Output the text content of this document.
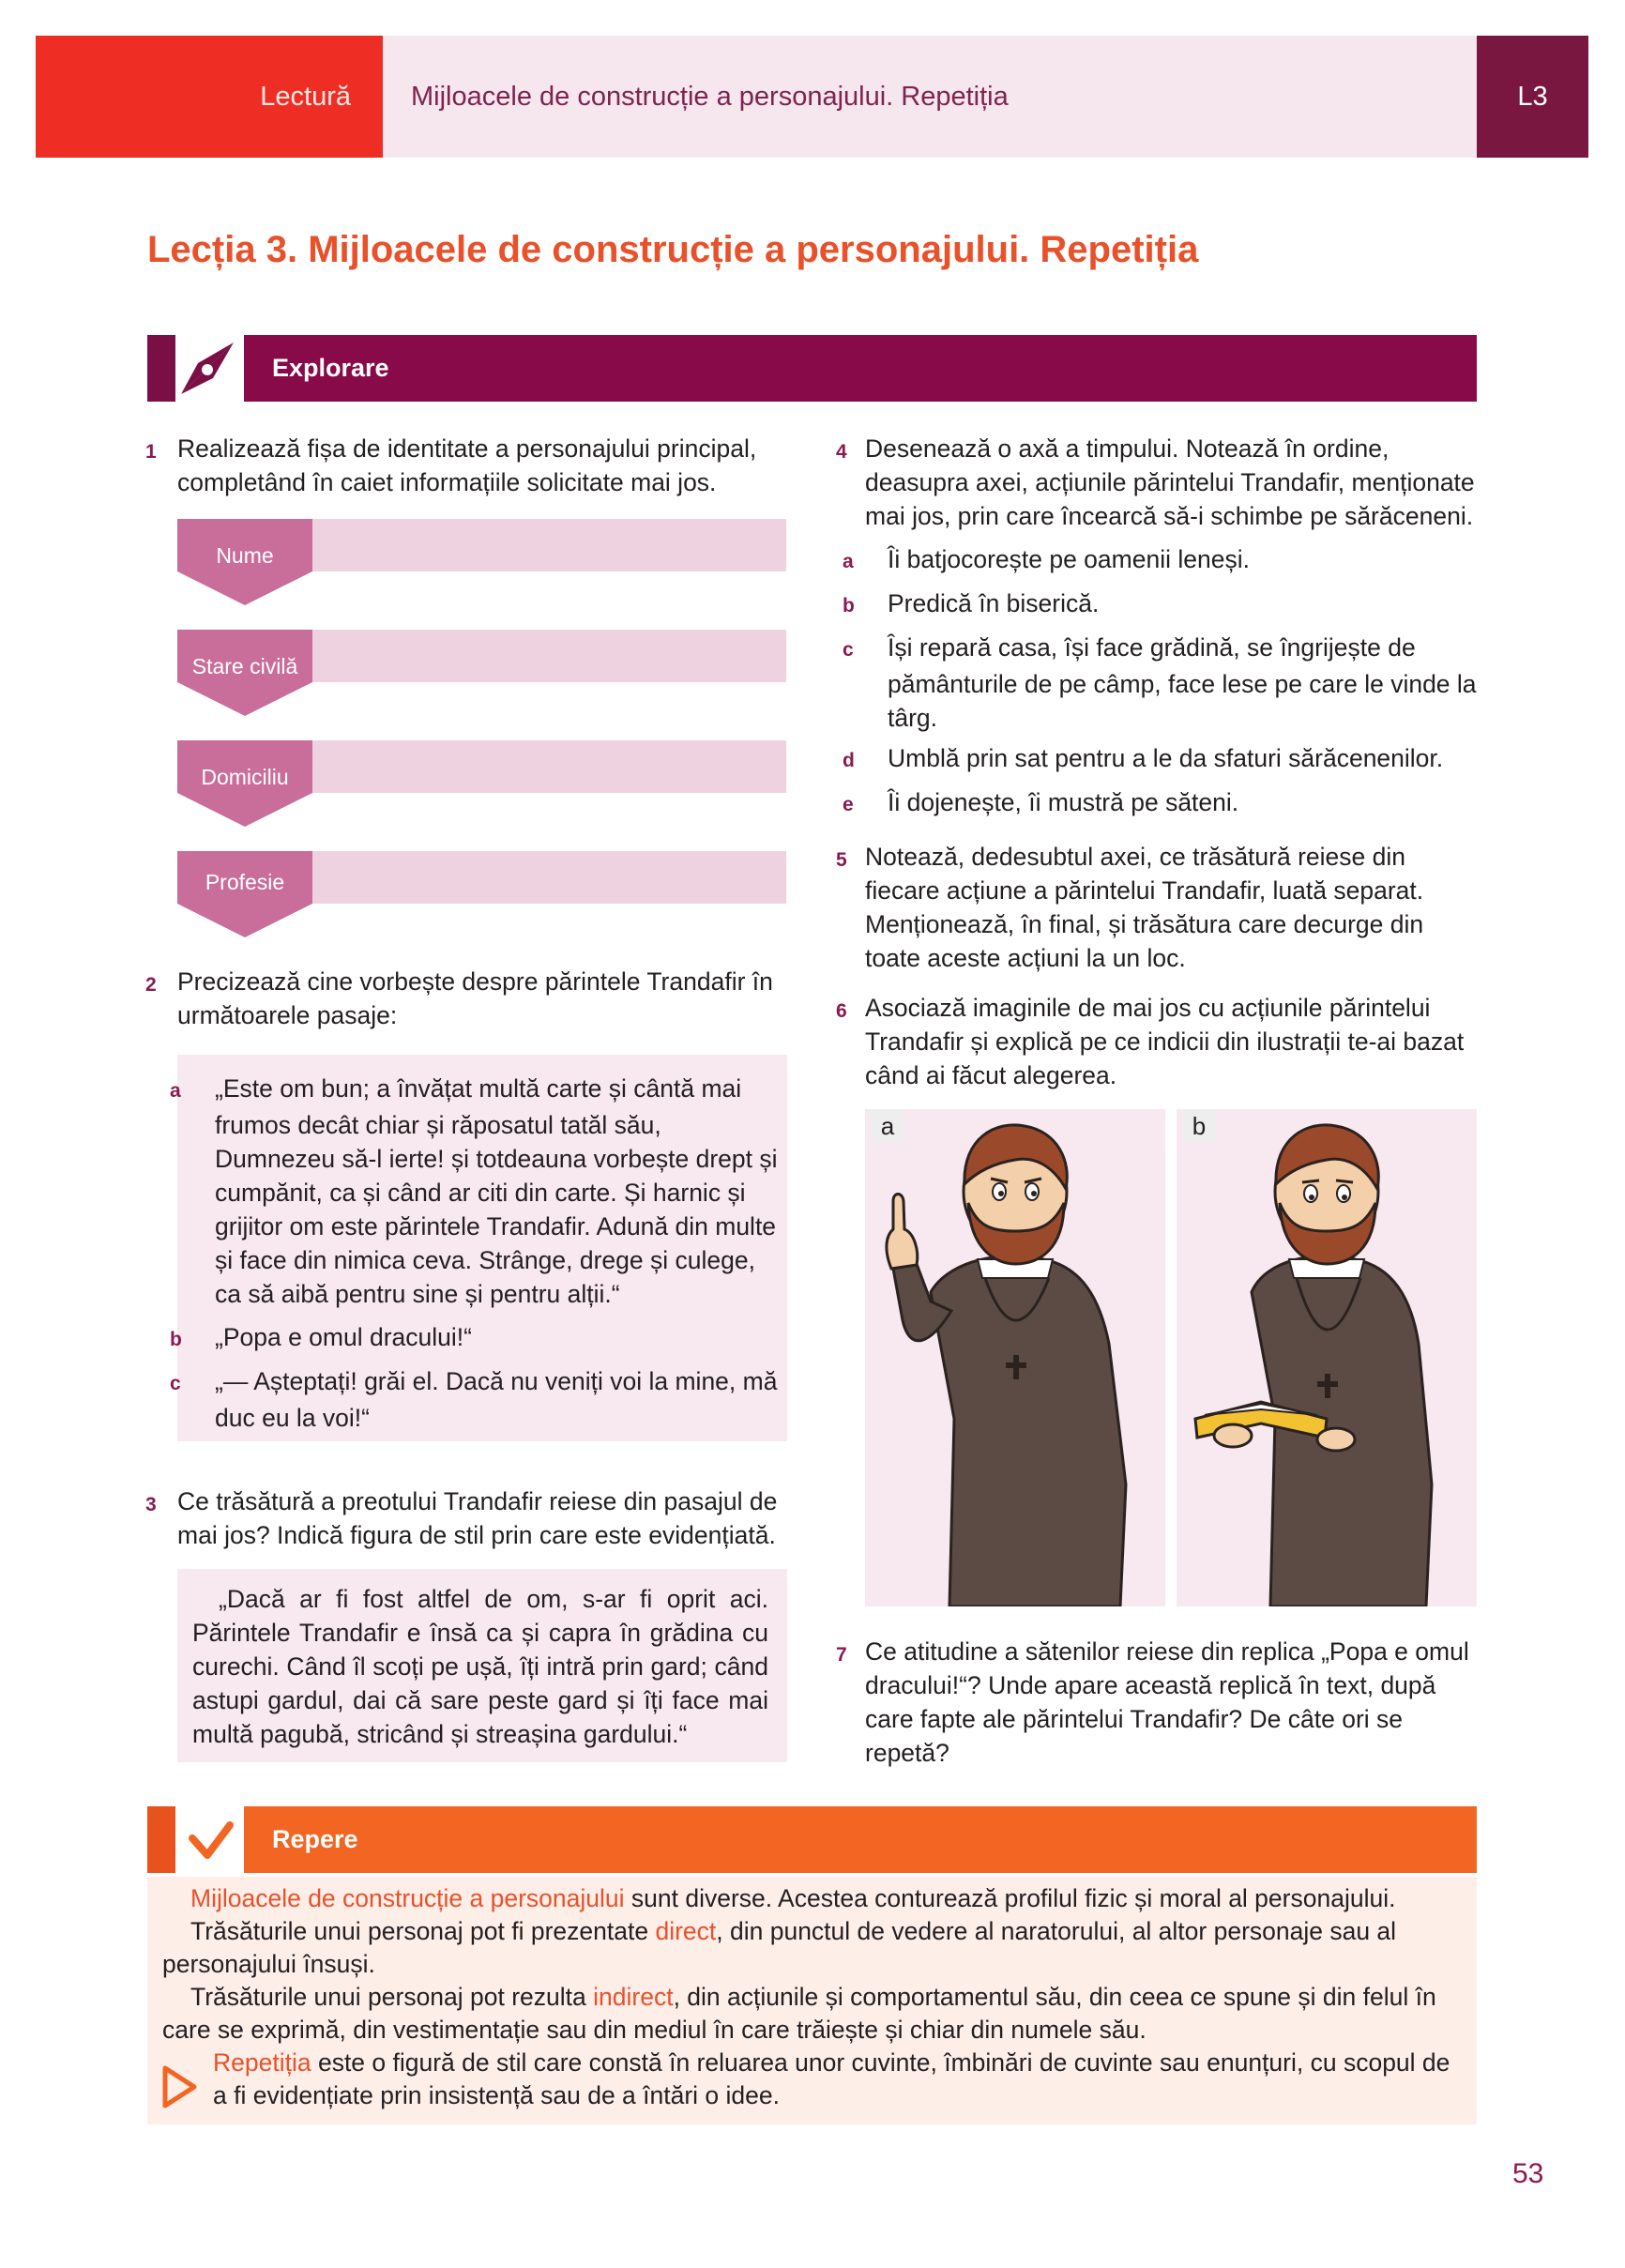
Lectură Mijloacele de construcție a personajului. Repetiția	L3
Lecția 3. Mijloacele de construcție a personajului. Repetiția
Explorare
1 Realizează fișa de identitate a personajului principal, completând în caiet informațiile solicitate mai jos.
Nume
Stare civilă
Domiciliu
Profesie
2 Precizează cine vorbește despre părintele Trandafir în următoarele pasaje:
a „Este om bun; a învățat multă carte și cântă mai frumos decât chiar și răposatul tatăl său, Dumnezeu să-l ierte! și totdeauna vorbește drept și cumpănit, ca și când ar citi din carte. Și harnic și grijitor om este părintele Trandafir. Adună din multe și face din nimica ceva. Strânge, drege și culege, ca să aibă pentru sine și pentru alții.“
b „Popa e omul dracului!“
c „— Așteptați! grăi el. Dacă nu veniți voi la mine, mă duc eu la voi!“
3 Ce trăsătură a preotului Trandafir reiese din pasajul de mai jos? Indică figura de stil prin care este evidențiată.
„Dacă ar fi fost altfel de om, s-ar fi oprit aci. Părintele Trandafir e însă ca și capra în grădina cu curechi. Când îl scoți pe ușă, îți intră prin gard; când astupi gardul, dai că sare peste gard și îți face mai multă pagubă, stricând și streașina gardului.“
4 Desenează o axă a timpului. Notează în ordine, deasupra axei, acțiunile părintelui Trandafir, menționate mai jos, prin care încearcă să-i schimbe pe sărăceneni.
a Îi batjocorește pe oamenii leneși.
b Predică în biserică.
c Își repară casa, își face grădină, se îngrijește de pământurile de pe câmp, face lese pe care le vinde la târg.
d Umblă prin sat pentru a le da sfaturi sărăcenenilor.
e Îi dojenește, îi mustră pe săteni.
5 Notează, dedesubtul axei, ce trăsătură reiese din fiecare acțiune a părintelui Trandafir, luată separat. Menționează, în final, și trăsătura care decurge din toate aceste acțiuni la un loc.
6 Asociază imaginile de mai jos cu acțiunile părintelui Trandafir și explică pe ce indicii din ilustrații te-ai bazat când ai făcut alegerea.
a	b
7 Ce atitudine a sătenilor reiese din replica „Popa e omul dracului!“? Unde apare această replică în text, după care fapte ale părintelui Trandafir? De câte ori se repetă?
Repere
Mijloacele de construcție a personajului sunt diverse. Acestea conturează profilul fizic și moral al personajului.
Trăsăturile unui personaj pot fi prezentate direct, din punctul de vedere al naratorului, al altor personaje sau al personajului însuși.
Trăsăturile unui personaj pot rezulta indirect, din acțiunile și comportamentul său, din ceea ce spune și din felul în care se exprimă, din vestimentație sau din mediul în care trăiește și chiar din numele său.
Repetiția este o figură de stil care constă în reluarea unor cuvinte, îmbinări de cuvinte sau enunțuri, cu scopul de a fi evidențiate prin insistență sau de a întări o idee.
53
